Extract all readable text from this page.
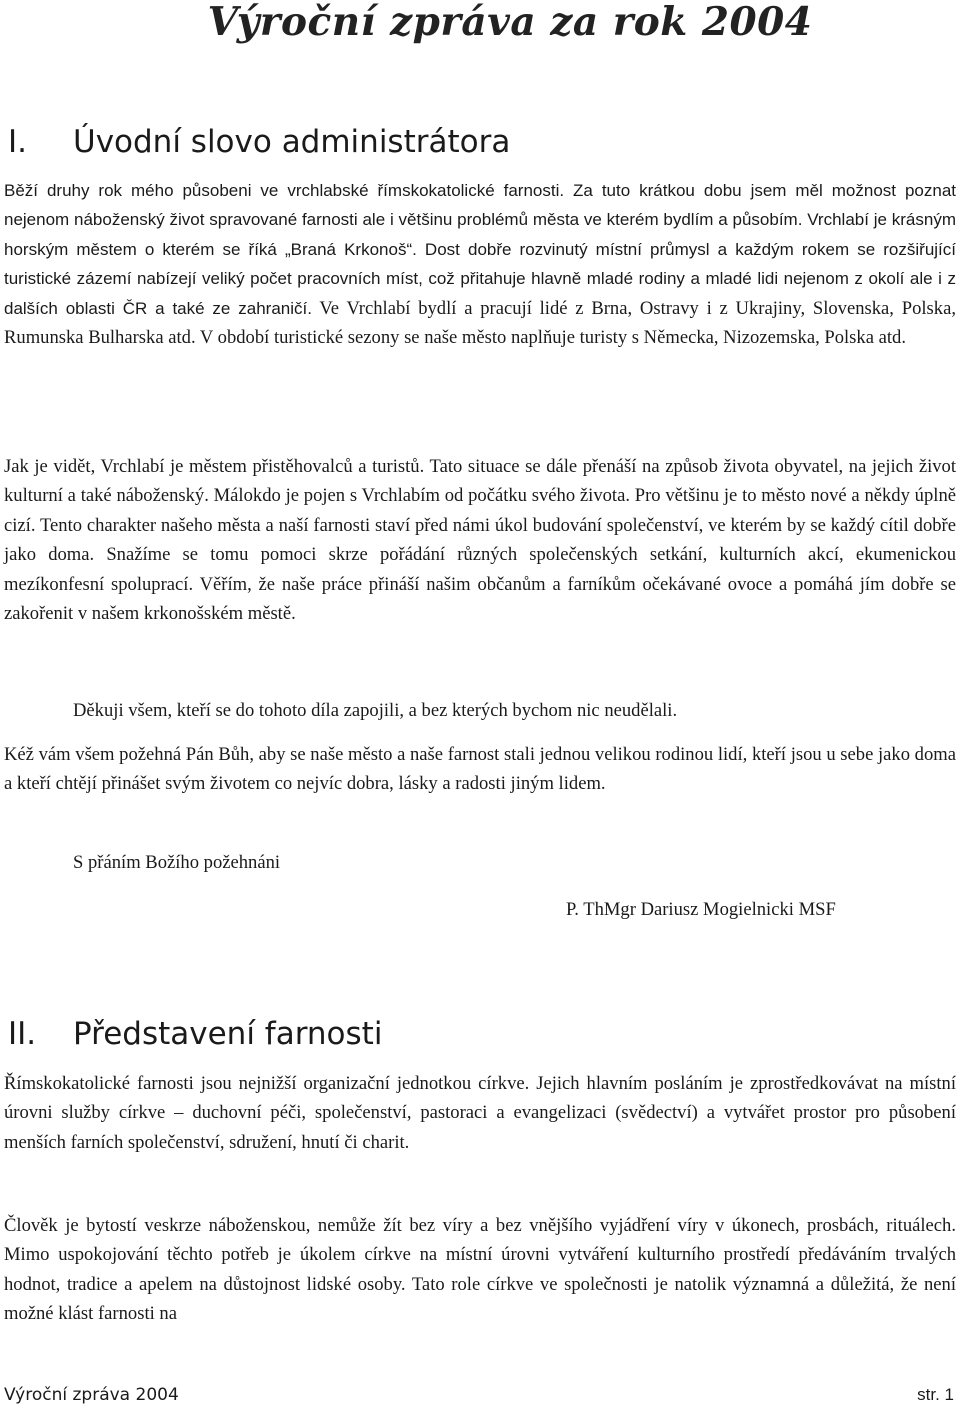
Výroční zpráva za rok 2004
I. Úvodní slovo administrátora

Běží druhy rok mého působeni ve vrchlabské římskokatolické farnosti. Za tuto krátkou dobu jsem měl možnost poznat nejenom náboženský život spravované farnosti ale i většinu problémů města ve kterém bydlím a působím. Vrchlabí je krásným horským městem o kterém se říká „Braná Krkonoš“. Dost dobře rozvinutý místní průmysl a každým rokem se rozšiřující turistické zázemí nabízejí veliký počet pracovních míst, což přitahuje hlavně mladé rodiny a mladé lidi nejenom z okolí ale i z dalších oblasti ČR a také ze zahraničí. Ve Vrchlabí bydlí a pracují lidé z Brna, Ostravy i z Ukrajiny, Slovenska, Polska, Rumunska Bulharska atd. V období turistické sezony se naše město naplňuje turisty s Německa, Nizozemska, Polska atd.

Jak je vidět, Vrchlabí je městem přistěhovalců a turistů. Tato situace se dále přenáší na způsob života obyvatel, na jejich život kulturní a také náboženský. Málokdo je pojen s Vrchlabím od počátku svého života. Pro většinu je to město nové a někdy úplně cizí. Tento charakter našeho města a naší farnosti staví před námi úkol budování společenství, ve kterém by se každý cítil dobře jako doma. Snažíme se tomu pomoci skrze pořádání různých společenských setkání, kulturních akcí, ekumenickou mezíkonfesní spoluprací. Věřím, že naše práce přináší našim občanům a farníkům očekávané ovoce a pomáhá jím dobře se zakořenit v našem krkonošském městě.

Děkuji všem, kteří se do tohoto díla zapojili, a bez kterých bychom nic neudělali.

Kéž vám všem požehná Pán Bůh, aby se naše město a naše farnost stali jednou velikou rodinou lidí, kteří jsou u sebe jako doma a kteří chtějí přinášet svým životem co nejvíc dobra, lásky a radosti jiným lidem.

S přáním Božího požehnáni

P. ThMgr Dariusz Mogielnicki MSF

II. Představení farnosti

Římskokatolické farnosti jsou nejnižší organizační jednotkou církve. Jejich hlavním posláním je zprostředkovávat na místní úrovni služby církve – duchovní péči, společenství, pastoraci a evangelizaci (svědectví) a vytvářet prostor pro působení menších farních společenství, sdružení, hnutí či charit.

Člověk je bytostí veskrze náboženskou, nemůže žít bez víry a bez vnějšího vyjádření víry v úkonech, prosbách, rituálech. Mimo uspokojování těchto potřeb je úkolem církve na místní úrovni vytváření kulturního prostředí předáváním trvalých hodnot, tradice a apelem na důstojnost lidské osoby. Tato role církve ve společnosti je natolik významná a důležitá, že není možné klást farnosti na

Výroční zpráva 2004	str. 1
